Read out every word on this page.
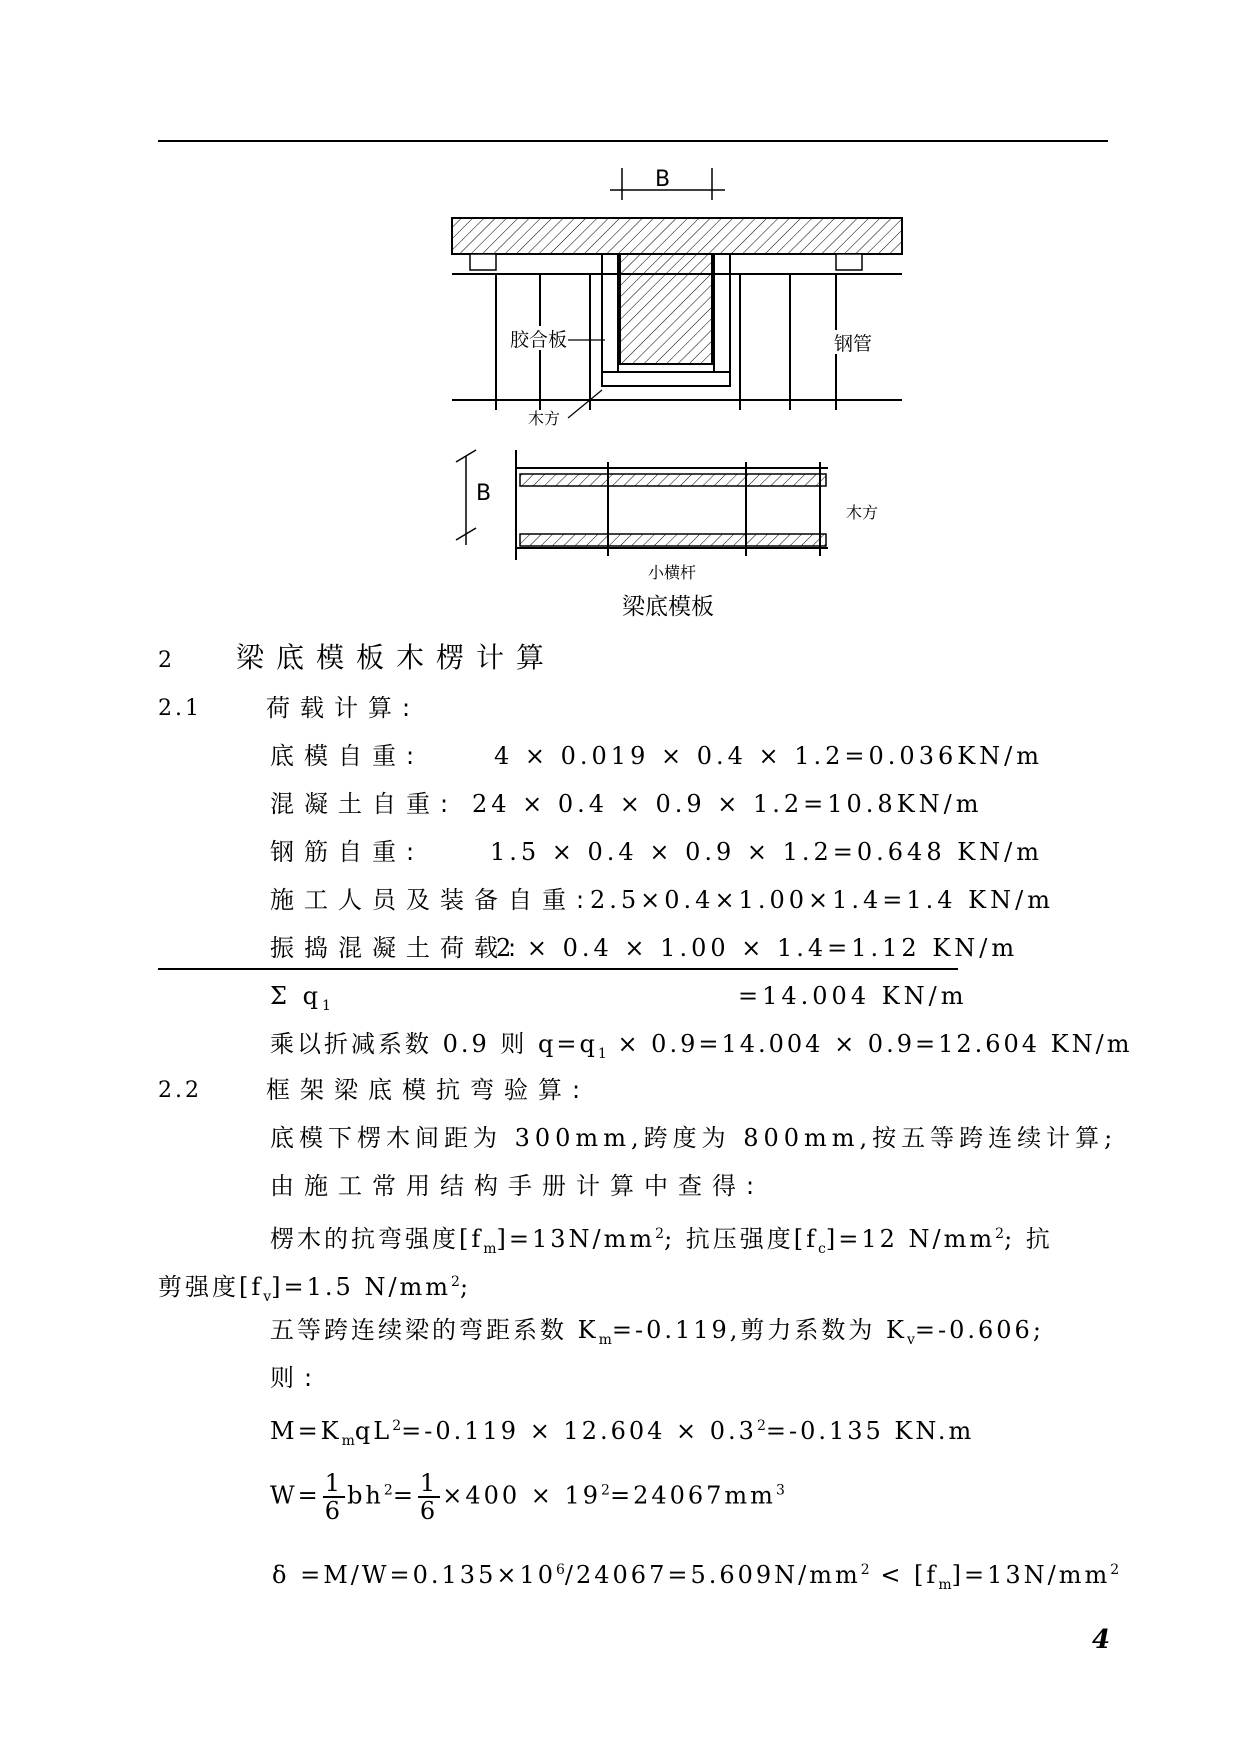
B
胶合板	钢管
木方
B
木方
小横杆
梁底模板
2 梁底模板木楞计算
2.1	荷载计算:
底模自重:	4 × 0.019 × 0.4 × 1.2=0.036KN/m
混凝土自重: 24 × 0.4 × 0.9 × 1.2=10.8KN/m
钢筋自重:	1.5 × 0.4 × 0.9 × 1.2=0.648 KN/m
施工人员及装备自重:
2.5×0.4×1.00×1.4=1.4 KN/m
振捣混凝土荷载:
2 × 0.4 × 1.00 × 1.4=1.12 KN/m
Σ $q_1$	=14.004 KN/m
乘以折减系数 0.9 则 $q=q_1 \times 0.9=14.004 \times 0.9=12.604$ KN/m
2.2	框架梁底模抗弯验算:
底模下楞木间距为 300mm,跨度为 800mm,按五等跨连续计算;
由施工常用结构手册计算中查得:
楞木的抗弯强度$[f_m]=13N/mm^2$; 抗压强度$[f_c]=12$ $N/mm^2$; 抗
剪强度$[f_v]=1.5$ $N/mm^2$;
五等跨连续梁的弯距系数 $K_m=-0.119$,剪力系数为 $K_v=-0.606$;
则:
$M=K_mqL^2=-0.119 \times 12.604 \times 0.3^2=-0.135$ KN.m
$W= \frac{1}{6} bh^2= \frac{1}{6} \times 400 \times 19^2=24067mm^3$
$\delta =M/W=0.135\times 10^6/24067=5.609N/mm^2 < [f_m]=13N/mm^2$
4
